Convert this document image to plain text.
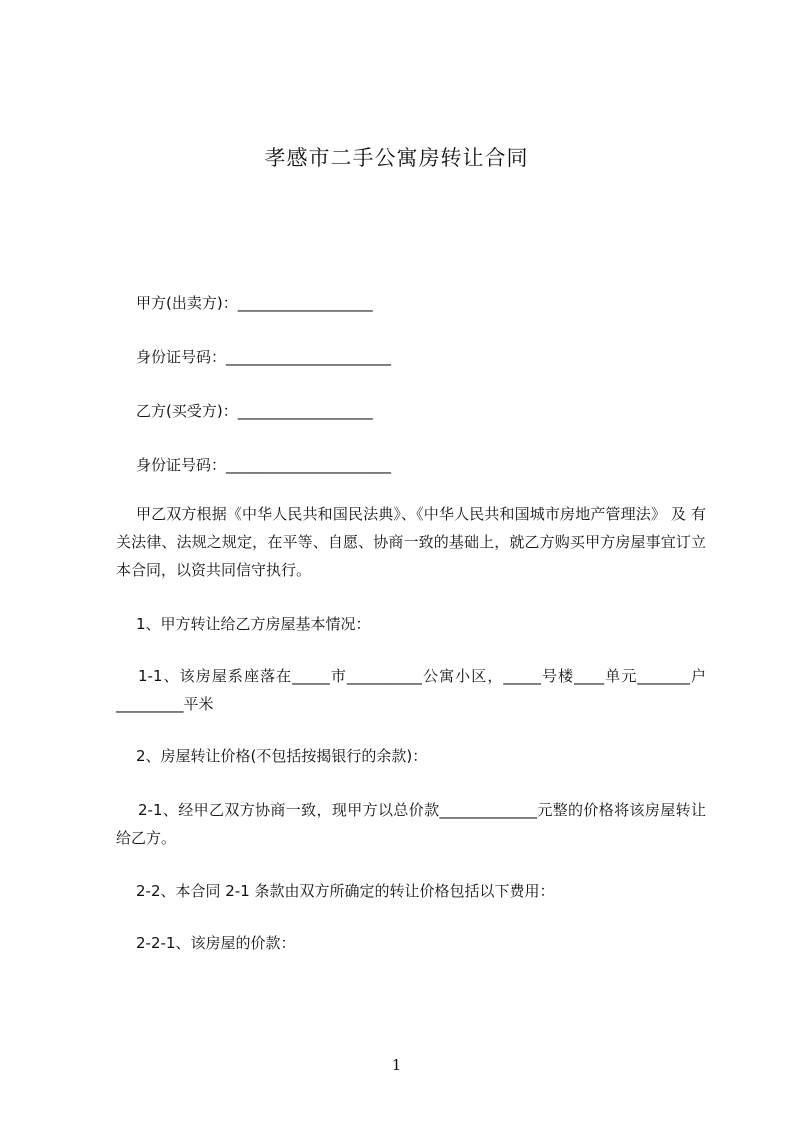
孝感市二手公寓房转让合同
甲方(出卖方)：__________________
身份证号码：______________________
乙方(买受方)：__________________
身份证号码：______________________
甲乙双方根据《中华人民共和国民法典》、《中华人民共和国城市房地产管理法》 及 有关法律、法规之规定，在平等、自愿、协商一致的基础上，就乙方购买甲方房屋事宜订立本合同，以资共同信守执行。
1、甲方转让给乙方房屋基本情况：
1-1、该房屋系座落在_____市__________公寓小区，_____号楼____单元_______户_________平米
2、房屋转让价格(不包括按揭银行的余款)：
2-1、经甲乙双方协商一致，现甲方以总价款_____________元整的价格将该房屋转让给乙方。
2-2、本合同 2-1 条款由双方所确定的转让价格包括以下费用：
2-2-1、该房屋的价款：
1
